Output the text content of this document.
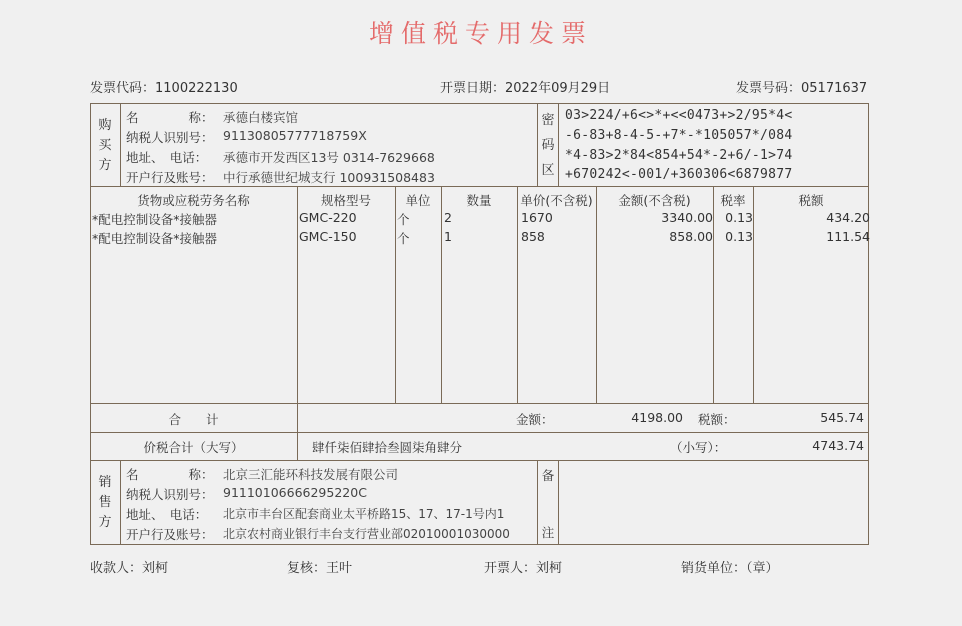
增值税专用发票
发票代码：1100222130	开票日期：2022年09月29日	发票号码：05171637
购
买
方
名　　　　称： 承德白楼宾馆
纳税人识别号： 91130805777718759X
地址、　电话： 承德市开发西区13号 0314-7629668
开户行及账号： 中行承德世纪城支行 100931508483
密
码
区
03>224/+6<>*+<<0473+>2/95*4<
-6-83+8-4-5-+7*-*105057*/084
*4-83>2*84<854+54*-2+6/-1>74
+670242<-001/+360306<6879877
货物或应税劳务名称	规格型号	单位	数量	单价(不含税)	金额(不含税)	税率	税额
*配电控制设备*接触器	GMC-220	个	2	1670	3340.00 0.13	434.20
*配电控制设备*接触器	GMC-150	个	1	858	858.00 0.13	111.54
合　　计	金额：	4198.00 税额：	545.74
价税合计（大写）	肆仟柒佰肆拾叁圆柒角肆分	（小写）：	4743.74
销
售
方
名　　　　称： 北京三汇能环科技发展有限公司
纳税人识别号： 91110106666295220C
地址、　电话： 北京市丰台区配套商业太平桥路15、17、17-1号内1
开户行及账号： 北京农村商业银行丰台支行营业部02010001030000
备
注
收款人：刘柯	复核：王叶	开票人：刘柯	销货单位：（章）
